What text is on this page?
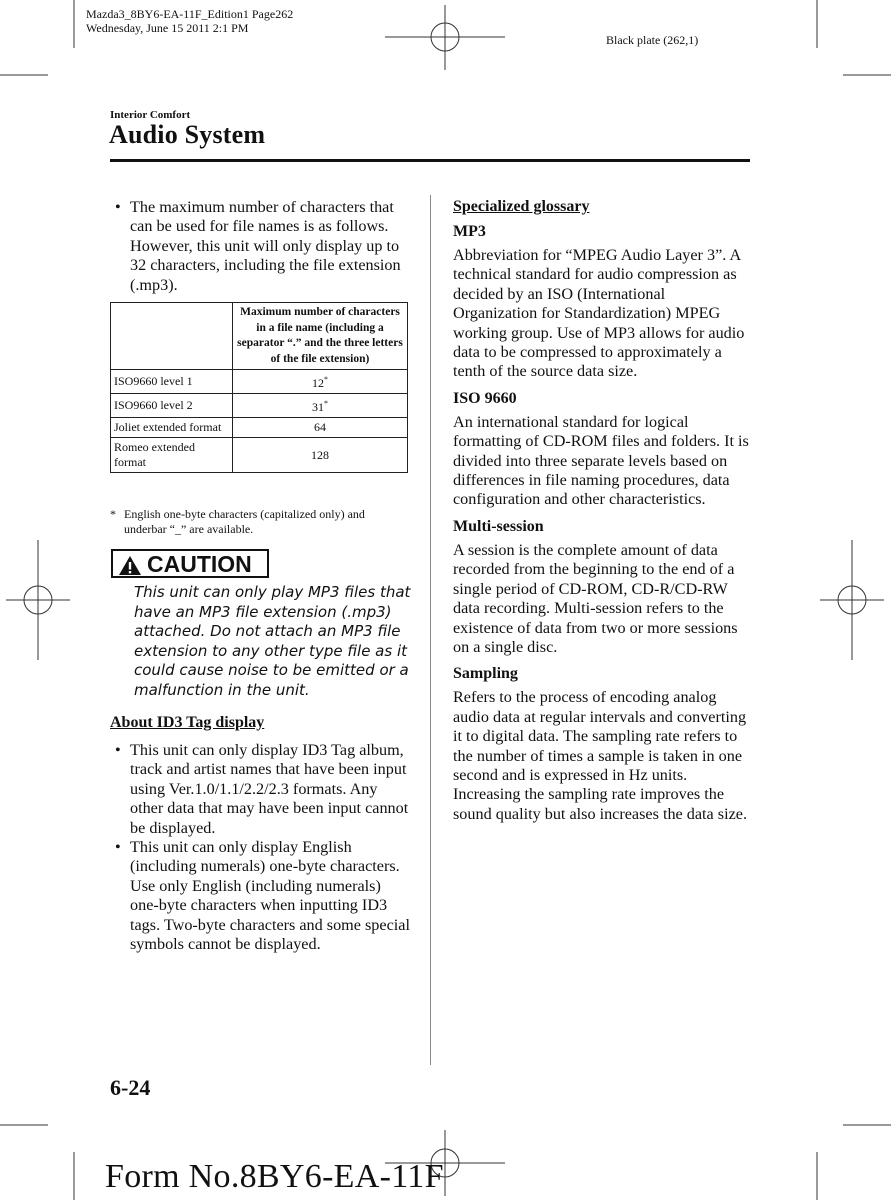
Mazda3_8BY6-EA-11F_Edition1 Page262
Wednesday, June 15 2011 2:1 PM
Black plate (262,1)
Interior Comfort
Audio System

• The maximum number of characters that can be used for file names is as follows. However, this unit will only display up to 32 characters, including the file extension (.mp3).

	Maximum number of characters in a file name (including a separator “.” and the three letters of the file extension)
ISO9660 level 1	12*
ISO9660 level 2	31*
Joliet extended format	64
Romeo extended format	128
* English one-byte characters (capitalized only) and underbar “_” are available.
CAUTION
This unit can only play MP3 files that have an MP3 file extension (.mp3) attached. Do not attach an MP3 file extension to any other type file as it could cause noise to be emitted or a malfunction in the unit.
About ID3 Tag display

• This unit can only display ID3 Tag album, track and artist names that have been input using Ver.1.0/1.1/2.2/2.3 formats. Any other data that may have been input cannot be displayed.

• This unit can only display English (including numerals) one-byte characters. Use only English (including numerals) one-byte characters when inputting ID3 tags. Two-byte characters and some special symbols cannot be displayed.

Specialized glossary
MP3

Abbreviation for “MPEG Audio Layer 3”. A technical standard for audio compression as decided by an ISO (International Organization for Standardization) MPEG working group. Use of MP3 allows for audio data to be compressed to approximately a tenth of the source data size.

ISO 9660

An international standard for logical formatting of CD-ROM files and folders. It is divided into three separate levels based on differences in file naming procedures, data configuration and other characteristics.

Multi-session

A session is the complete amount of data recorded from the beginning to the end of a single period of CD-ROM, CD-R/CD-RW data recording. Multi-session refers to the existence of data from two or more sessions on a single disc.

Sampling

Refers to the process of encoding analog audio data at regular intervals and converting it to digital data. The sampling rate refers to the number of times a sample is taken in one second and is expressed in Hz units. Increasing the sampling rate improves the sound quality but also increases the data size.

6-24
Form No.8BY6-EA-11F
